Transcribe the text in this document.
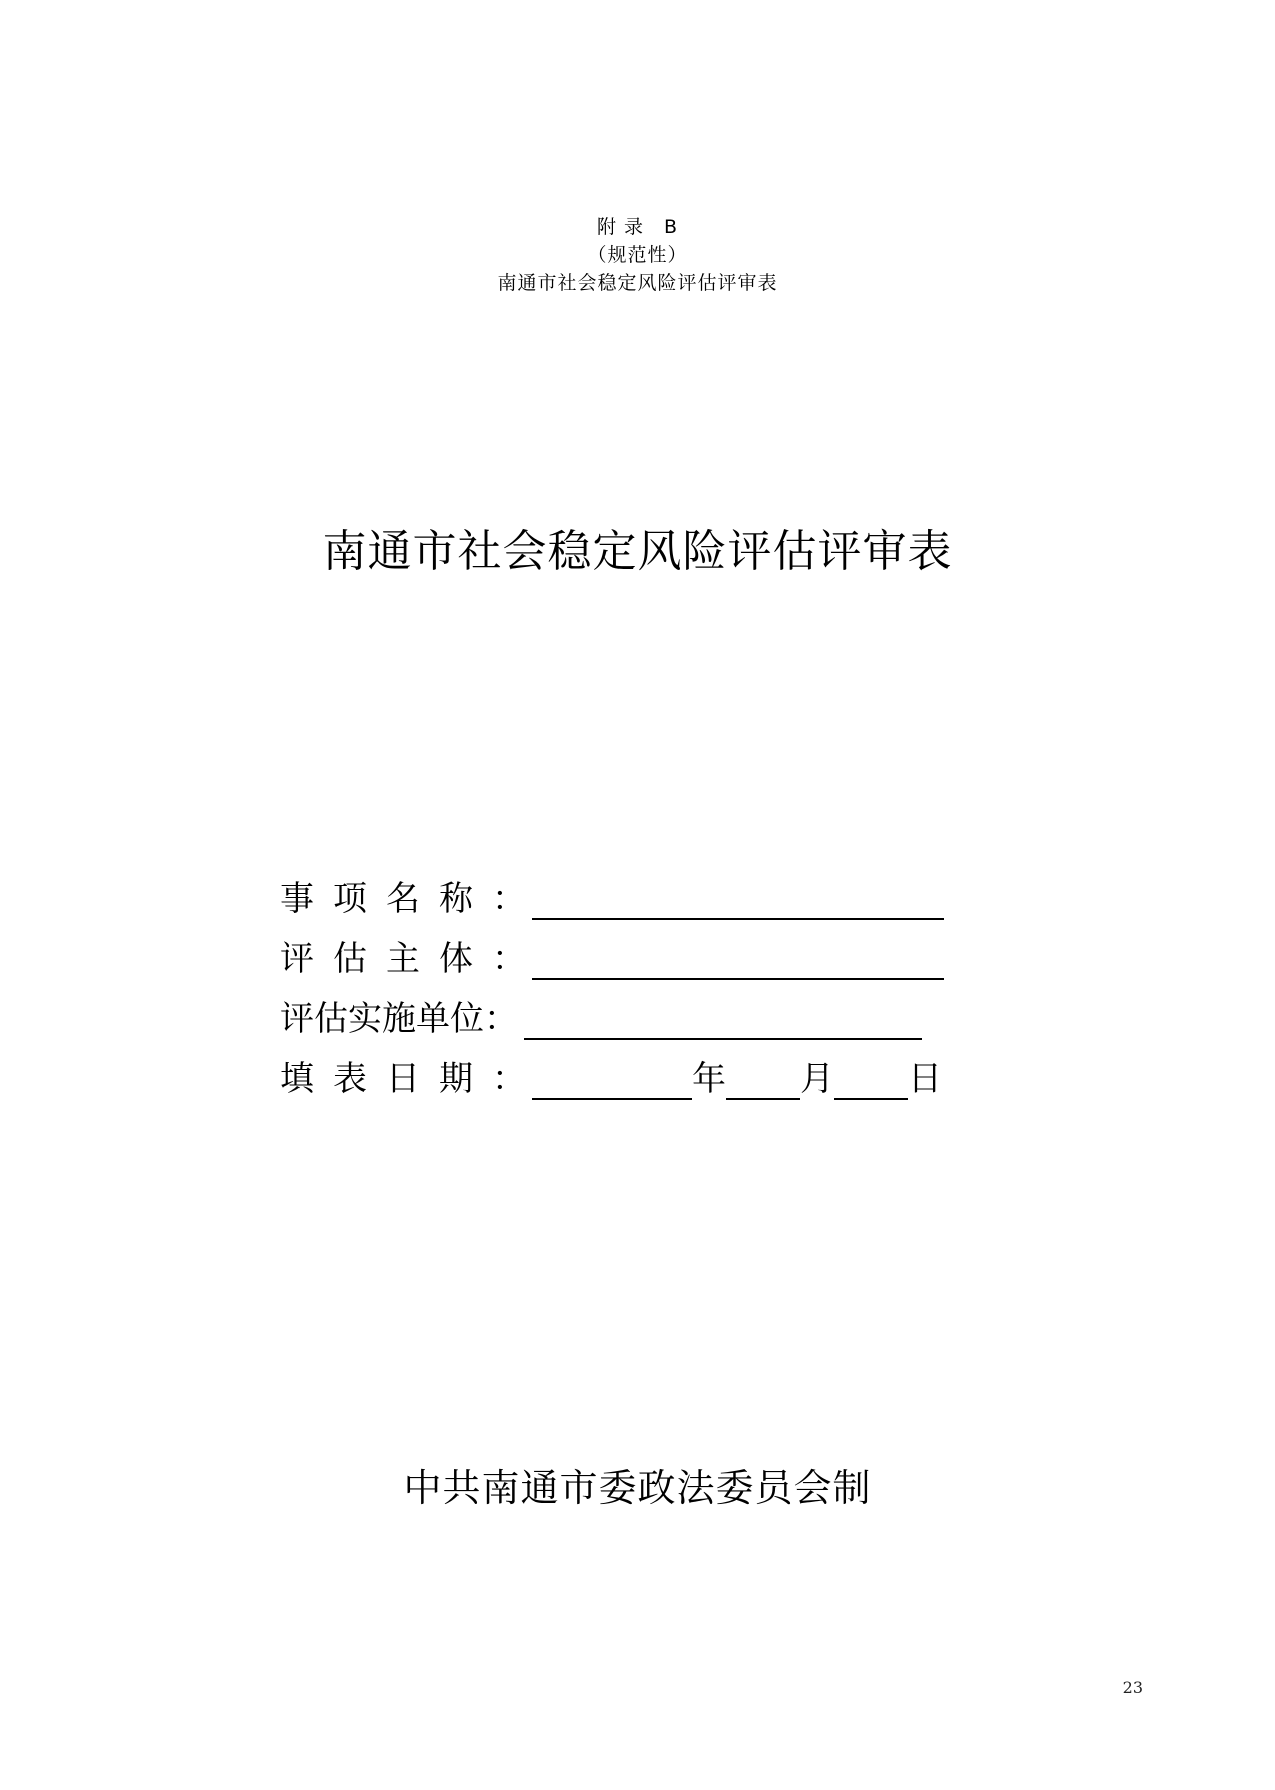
附 录 B
（规范性）
南通市社会稳定风险评估评审表
南通市社会稳定风险评估评审表
事项名称 ：
评估主体 ：
评估实施单位 ：
填表日期 ：	年 月 日
中共南通市委政法委员会制
23
